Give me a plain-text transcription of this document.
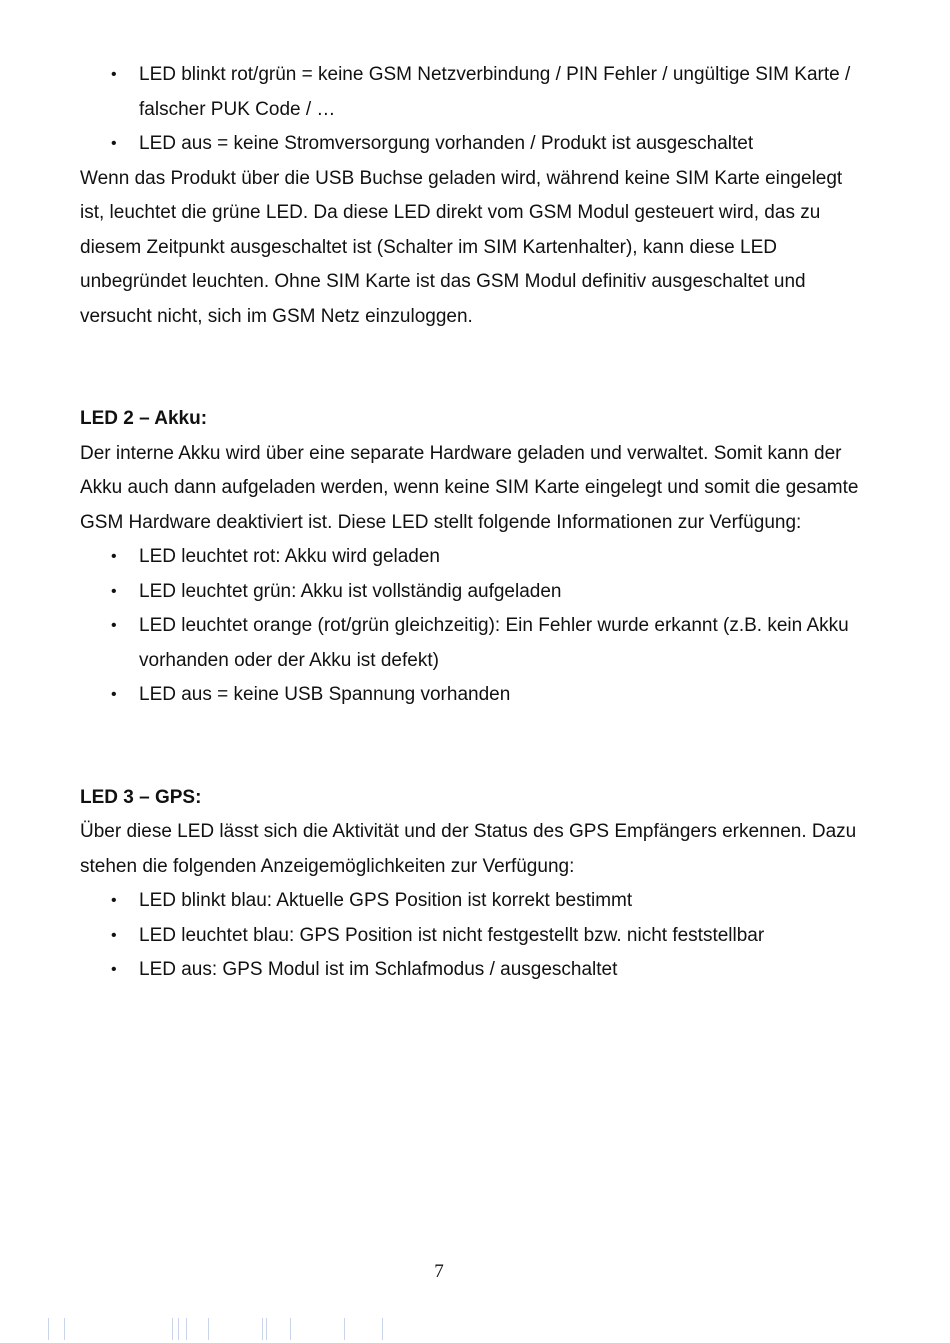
• LED blinkt rot/grün = keine GSM Netzverbindung / PIN Fehler / ungültige SIM Karte / falscher PUK Code / …
• LED aus = keine Stromversorgung vorhanden / Produkt ist ausgeschaltet

Wenn das Produkt über die USB Buchse geladen wird, während keine SIM Karte eingelegt ist, leuchtet die grüne LED. Da diese LED direkt vom GSM Modul gesteuert wird, das zu diesem Zeitpunkt ausgeschaltet ist (Schalter im SIM Kartenhalter), kann diese LED unbegründet leuchten. Ohne SIM Karte ist das GSM Modul definitiv ausgeschaltet und versucht nicht, sich im GSM Netz einzuloggen.

LED 2 – Akku:

Der interne Akku wird über eine separate Hardware geladen und verwaltet. Somit kann der Akku auch dann aufgeladen werden, wenn keine SIM Karte eingelegt und somit die gesamte GSM Hardware deaktiviert ist. Diese LED stellt folgende Informationen zur Verfügung:

• LED leuchtet rot: Akku wird geladen
• LED leuchtet grün: Akku ist vollständig aufgeladen
• LED leuchtet orange (rot/grün gleichzeitig): Ein Fehler wurde erkannt (z.B. kein Akku vorhanden oder der Akku ist defekt)
• LED aus = keine USB Spannung vorhanden

LED 3 – GPS:

Über diese LED lässt sich die Aktivität und der Status des GPS Empfängers erkennen. Dazu stehen die folgenden Anzeigemöglichkeiten zur Verfügung:

• LED blinkt blau: Aktuelle GPS Position ist korrekt bestimmt
• LED leuchtet blau: GPS Position ist nicht festgestellt bzw. nicht feststellbar
• LED aus: GPS Modul ist im Schlafmodus / ausgeschaltet
7
